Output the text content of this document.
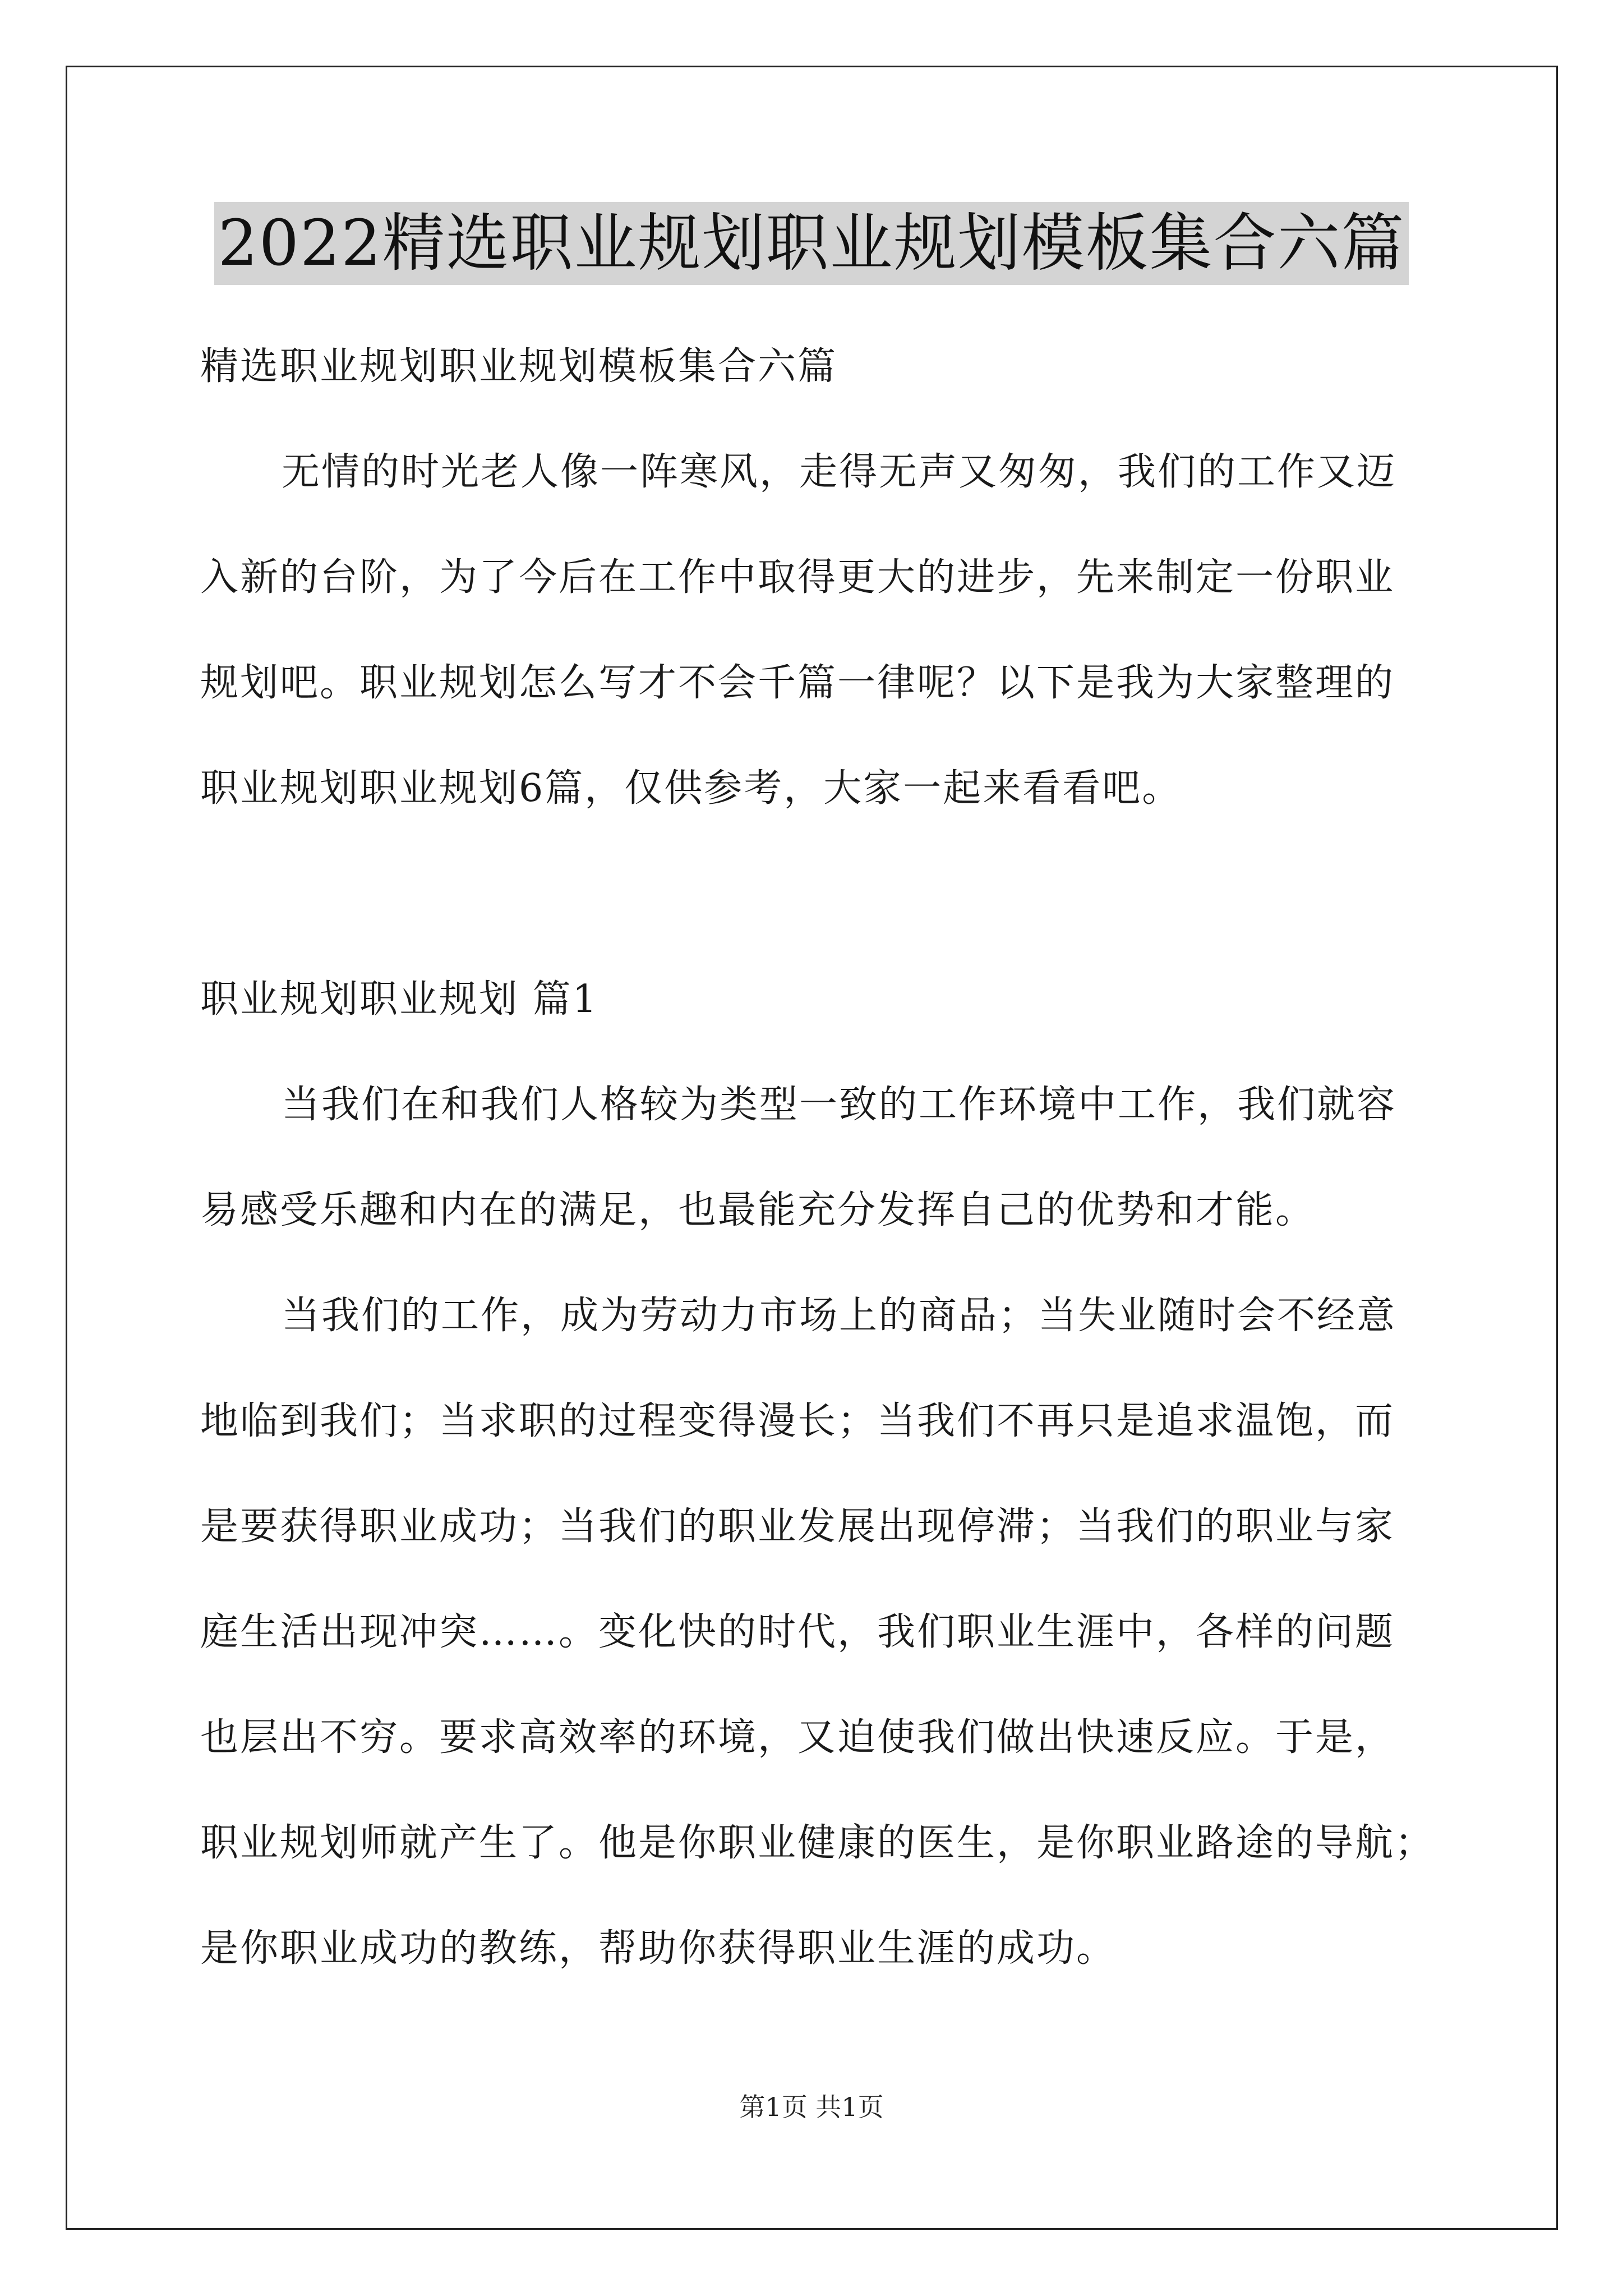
2022精选职业规划职业规划模板集合六篇
精选职业规划职业规划模板集合六篇
无情的时光老人像一阵寒风，走得无声又匆匆，我们的工作又迈
入新的台阶，为了今后在工作中取得更大的进步，先来制定一份职业
规划吧。职业规划怎么写才不会千篇一律呢？以下是我为大家整理的
职业规划职业规划6篇，仅供参考，大家一起来看看吧。
职业规划职业规划 篇1
当我们在和我们人格较为类型一致的工作环境中工作，我们就容
易感受乐趣和内在的满足，也最能充分发挥自己的优势和才能。
当我们的工作，成为劳动力市场上的商品；当失业随时会不经意
地临到我们；当求职的过程变得漫长；当我们不再只是追求温饱，而
是要获得职业成功；当我们的职业发展出现停滞；当我们的职业与家
庭生活出现冲突……。变化快的时代，我们职业生涯中，各样的问题
也层出不穷。要求高效率的环境，又迫使我们做出快速反应。于是，
职业规划师就产生了。他是你职业健康的医生，是你职业路途的导航；
是你职业成功的教练，帮助你获得职业生涯的成功。
第1页 共1页
